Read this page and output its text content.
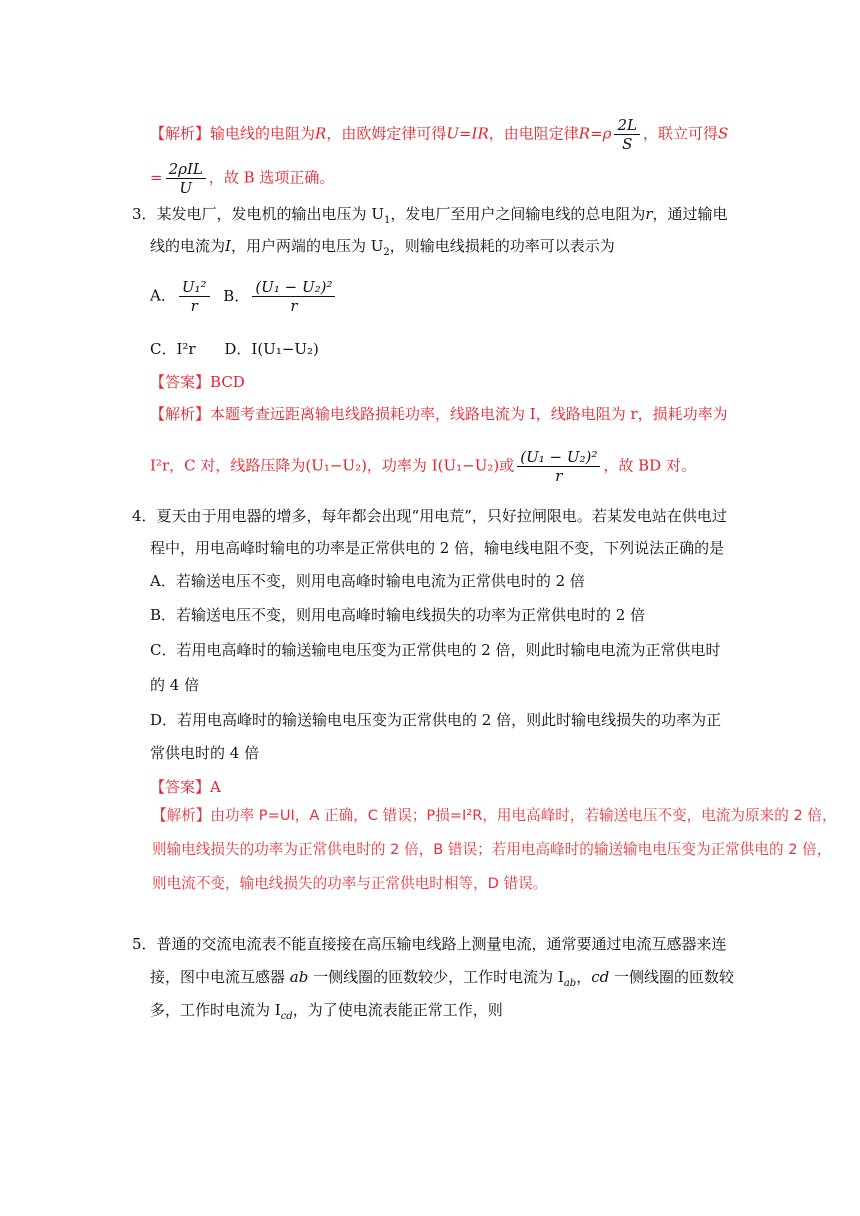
【解析】输电线的电阻为R，由欧姆定律可得U=IR，由电阻定律$R=\rho \frac{2L}{S}$ ，联立可得S
= $\frac{\text{2ρIL}}{U}$ ，故 B 选项正确。
3．某发电厂，发电机的输出电压为 $U_1$，发电厂至用户之间输电线的总电阻为r，通过输电
线的电流为I，用户两端的电压为 $U_2$，则输电线损耗的功率可以表示为
A． $\frac{\text{U₁²}}{r}$ B． $\frac{\text{(U₁ − U₂)²}}{r}$
C．I²r D．I(U₁−U₂)
【答案】BCD
【解析】本题考查远距离输电线路损耗功率，线路电流为 I，线路电阻为 r，损耗功率为
I²r，C 对，线路压降为(U₁−U₂)，功率为 I(U₁−U₂)或 $\frac{\text{(U₁ − U₂)²}}{r}$ ，故 BD 对。
4．夏天由于用电器的增多，每年都会出现“用电荒”，只好拉闸限电。若某发电站在供电过
程中，用电高峰时输电的功率是正常供电的 2 倍，输电线电阻不变，下列说法正确的是
A．若输送电压不变，则用电高峰时输电电流为正常供电时的 2 倍
B．若输送电压不变，则用电高峰时输电线损失的功率为正常供电时的 2 倍
C．若用电高峰时的输送输电电压变为正常供电的 2 倍，则此时输电电流为正常供电时
的 4 倍
D．若用电高峰时的输送输电电压变为正常供电的 2 倍，则此时输电线损失的功率为正
常供电时的 4 倍
【答案】A
【解析】由功率 P=UI，A 正确，C 错误；P损=I²R，用电高峰时，若输送电压不变，电流为原来的 2 倍，
则输电线损失的功率为正常供电时的 2 倍，B 错误；若用电高峰时的输送输电电压变为正常供电的 2 倍，
则电流不变，输电线损失的功率与正常供电时相等，D 错误。
5．普通的交流电流表不能直接接在高压输电线路上测量电流，通常要通过电流互感器来连
接，图中电流互感器 ab 一侧线圈的匝数较少，工作时电流为 $I_{ab}$，cd 一侧线圈的匝数较
多，工作时电流为 $I_{cd}$，为了使电流表能正常工作，则
